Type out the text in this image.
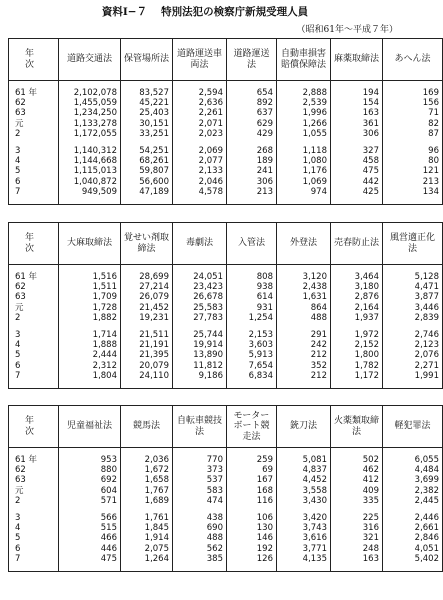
資料Ⅰ−７ 特別法犯の検察庁新規受理人員
（昭和61年〜平成７年）
年 次	道路交通法	保管場所法	道路運送車両法	道路運送法	自動車損害賠償保障法	麻薬取締法	あへん法

61 年	2,102,078	83,527	2,594	654	2,888	194	169
62	1,455,059	45,221	2,636	892	2,539	154	156
63	1,234,250	25,403	2,261	637	1,996	163	71
元	1,133,278	30,151	2,071	629	1,266	361	82
2	1,172,055	33,251	2,023	429	1,055	306	87

3	1,140,312	54,251	2,069	268	1,118	327	96
4	1,144,668	68,261	2,077	189	1,080	458	80
5	1,115,013	59,807	2,133	241	1,176	475	121
6	1,040,872	56,600	2,046	306	1,069	442	213
7	949,509	47,189	4,578	213	974	425	134

年 次	大麻取締法	覚せい剤取締法	毒劇法	入管法	外登法	売春防止法	風営適正化法

61 年	1,516	28,699	24,051	808	3,120	3,464	5,128
62	1,511	27,214	23,423	938	2,438	3,180	4,471
63	1,709	26,079	26,678	614	1,631	2,876	3,877
元	1,728	21,452	25,583	931	864	2,164	3,446
2	1,882	19,231	27,783	1,254	488	1,937	2,839

3	1,714	21,511	25,744	2,153	291	1,972	2,746
4	1,888	21,191	19,914	3,603	242	2,152	2,123
5	2,444	21,395	13,890	5,913	212	1,800	2,076
6	2,312	20,079	11,812	7,654	352	1,782	2,271
7	1,804	24,110	9,186	6,834	212	1,172	1,991

年 次	児童福祉法	競馬法	自転車競技法	モーターボート競走法	銃刀法	火薬類取締法	軽犯罪法

61 年	953	2,036	770	259	5,081	502	6,055
62	880	1,672	373	69	4,837	462	4,484
63	692	1,658	537	167	4,452	412	3,699
元	604	1,767	583	168	3,558	409	2,382
2	571	1,689	474	116	3,430	335	2,445

3	566	1,761	438	106	3,420	225	2,446
4	515	1,845	690	130	3,743	316	2,661
5	466	1,914	488	146	3,616	321	2,846
6	446	2,075	562	192	3,771	248	4,051
7	475	1,264	385	126	4,135	163	5,402
